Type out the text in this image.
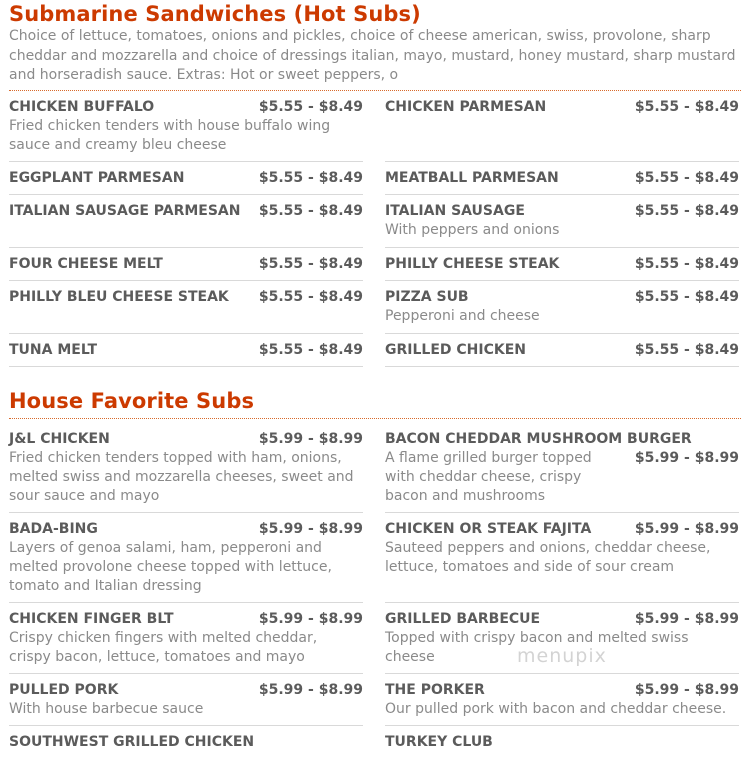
Submarine Sandwiches (Hot Subs)

Choice of lettuce, tomatoes, onions and pickles, choice of cheese american, swiss, provolone, sharp cheddar and mozzarella and choice of dressings italian, mayo, mustard, honey mustard, sharp mustard and horseradish sauce. Extras: Hot or sweet peppers, o

CHICKEN BUFFALO	$5.55 - $8.49
Fried chicken tenders with house buffalo wing sauce and creamy bleu cheese
EGGPLANT PARMESAN	$5.55 - $8.49
ITALIAN SAUSAGE PARMESAN $5.55 - $8.49
FOUR CHEESE MELT	$5.55 - $8.49
PHILLY BLEU CHEESE STEAK $5.55 - $8.49
TUNA MELT	$5.55 - $8.49
CHICKEN PARMESAN	$5.55 - $8.49
MEATBALL PARMESAN	$5.55 - $8.49
ITALIAN SAUSAGE	$5.55 - $8.49
With peppers and onions
PHILLY CHEESE STEAK	$5.55 - $8.49
PIZZA SUB	$5.55 - $8.49
Pepperoni and cheese
GRILLED CHICKEN	$5.55 - $8.49
House Favorite Subs
J&L CHICKEN	$5.99 - $8.99
Fried chicken tenders topped with ham, onions, melted swiss and mozzarella cheeses, sweet and sour sauce and mayo
BADA-BING	$5.99 - $8.99
Layers of genoa salami, ham, pepperoni and melted provolone cheese topped with lettuce, tomato and Italian dressing
CHICKEN FINGER BLT	$5.99 - $8.99
Crispy chicken fingers with melted cheddar, crispy bacon, lettuce, tomatoes and mayo
PULLED PORK	$5.99 - $8.99
With house barbecue sauce
SOUTHWEST GRILLED CHICKEN
BACON CHEDDAR MUSHROOM BURGER
A flame grilled burger topped with cheddar cheese, crispy bacon and mushrooms
$5.99 - $8.99
CHICKEN OR STEAK FAJITA	$5.99 - $8.99
Sauteed peppers and onions, cheddar cheese, lettuce, tomatoes and side of sour cream
GRILLED BARBECUE	$5.99 - $8.99
Topped with crispy bacon and melted swiss cheese
THE PORKER	$5.99 - $8.99
Our pulled pork with bacon and cheddar cheese.
TURKEY CLUB
menupix
